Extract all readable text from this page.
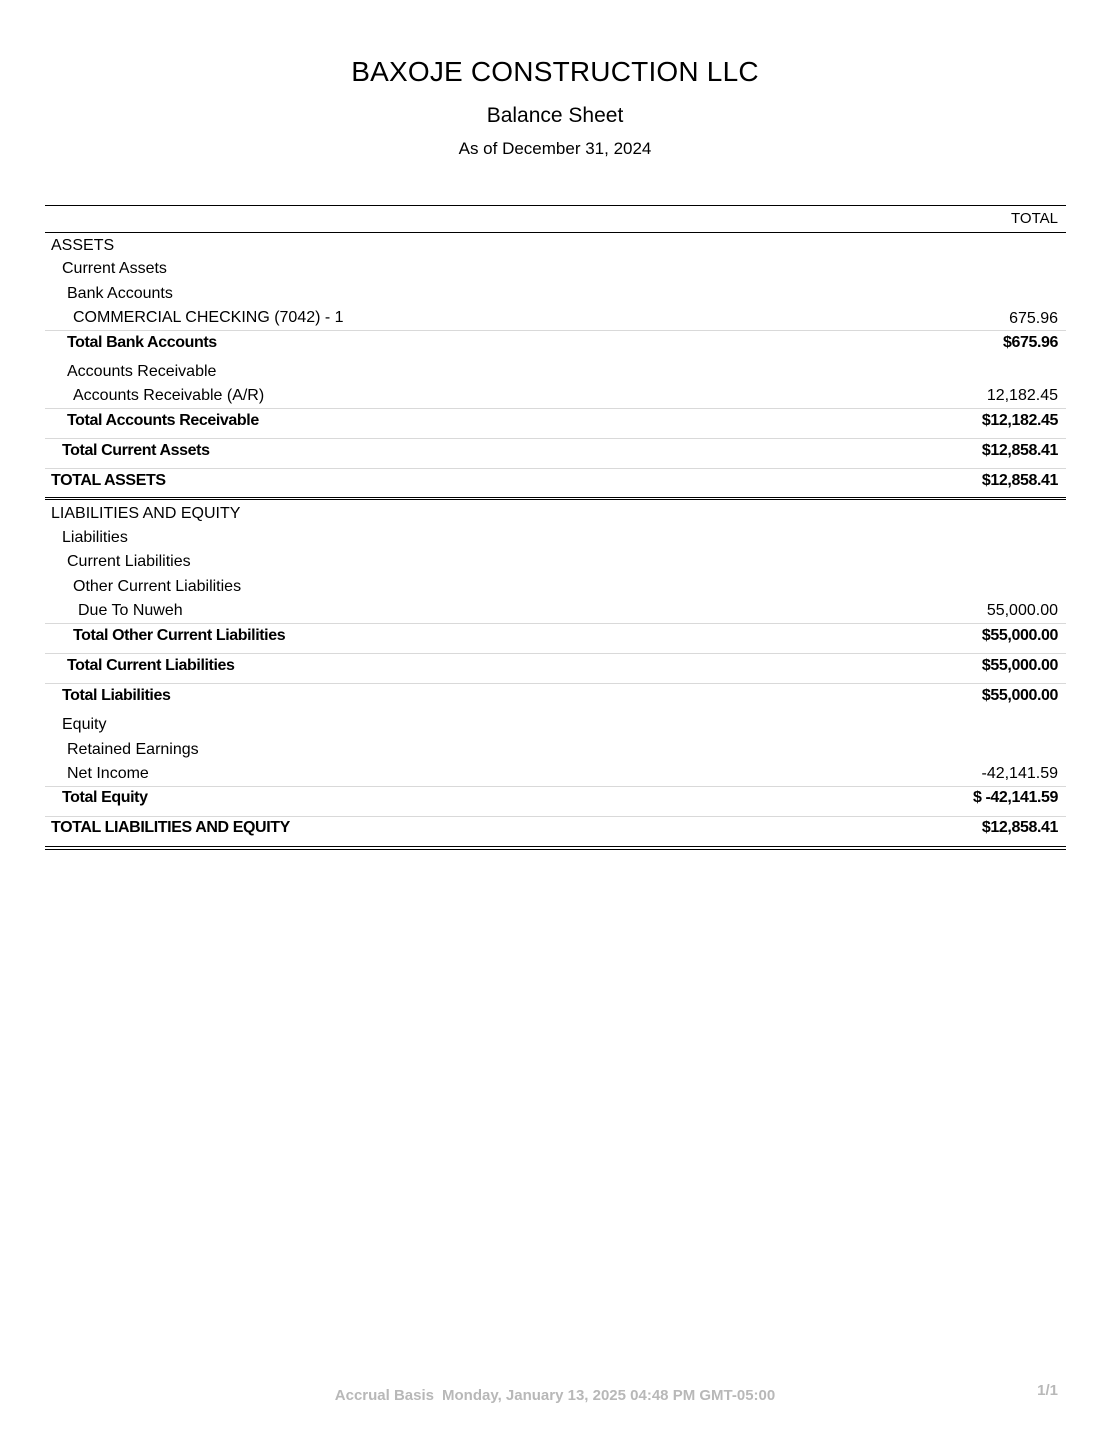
BAXOJE CONSTRUCTION LLC
Balance Sheet
As of December 31, 2024
TOTAL
ASSETS
Current Assets
Bank Accounts
COMMERCIAL CHECKING (7042) - 1	675.96
Total Bank Accounts	$675.96
Accounts Receivable
Accounts Receivable (A/R)	12,182.45
Total Accounts Receivable	$12,182.45
Total Current Assets	$12,858.41
TOTAL ASSETS	$12,858.41
LIABILITIES AND EQUITY
Liabilities
Current Liabilities
Other Current Liabilities
Due To Nuweh	55,000.00
Total Other Current Liabilities	$55,000.00
Total Current Liabilities	$55,000.00
Total Liabilities	$55,000.00
Equity
Retained Earnings
Net Income	-42,141.59
Total Equity	$ -42,141.59
TOTAL LIABILITIES AND EQUITY	$12,858.41
Accrual Basis Monday, January 13, 2025 04:48 PM GMT-05:00	1/1
